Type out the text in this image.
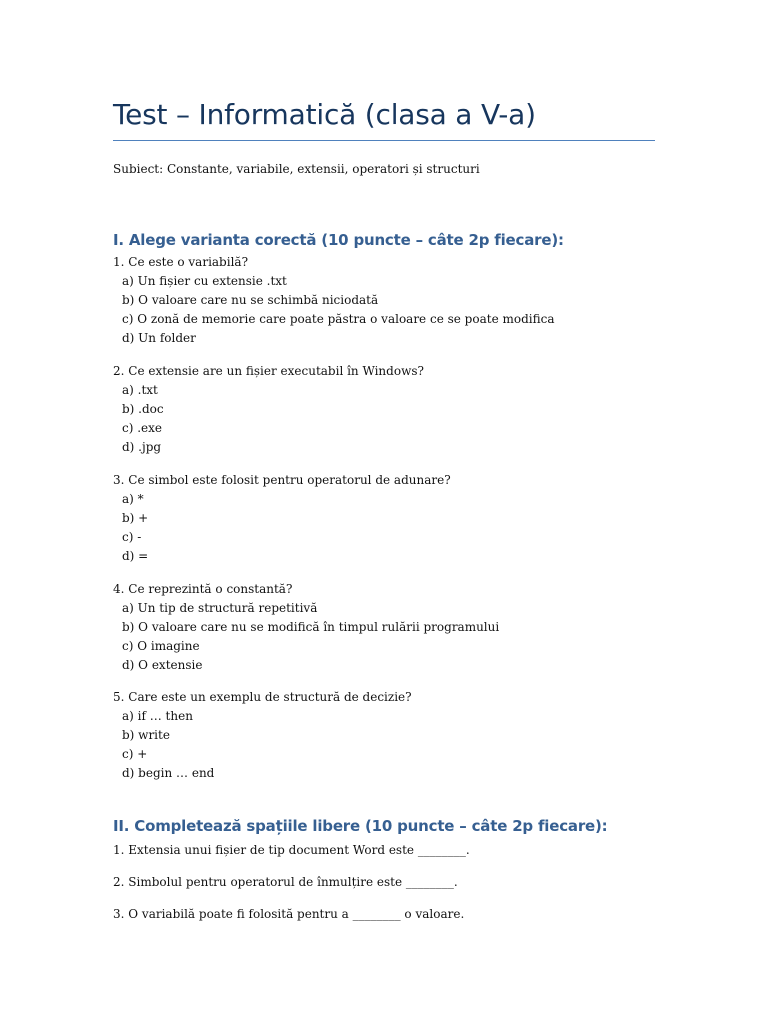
Test – Informatică (clasa a V-a)
Subiect: Constante, variabile, extensii, operatori și structuri
I. Alege varianta corectă (10 puncte – câte 2p fiecare):
1. Ce este o variabilă?
a) Un fișier cu extensie .txt
b) O valoare care nu se schimbă niciodată
c) O zonă de memorie care poate păstra o valoare ce se poate modifica
d) Un folder
2. Ce extensie are un fișier executabil în Windows?
a) .txt
b) .doc
c) .exe
d) .jpg
3. Ce simbol este folosit pentru operatorul de adunare?
a) *
b) +
c) -
d) =
4. Ce reprezintă o constantă?
a) Un tip de structură repetitivă
b) O valoare care nu se modifică în timpul rulării programului
c) O imagine
d) O extensie
5. Care este un exemplu de structură de decizie?
a) if … then
b) write
c) +
d) begin … end
II. Completează spațiile libere (10 puncte – câte 2p fiecare):
1. Extensia unui fișier de tip document Word este ________.
2. Simbolul pentru operatorul de înmulțire este ________.
3. O variabilă poate fi folosită pentru a ________ o valoare.
